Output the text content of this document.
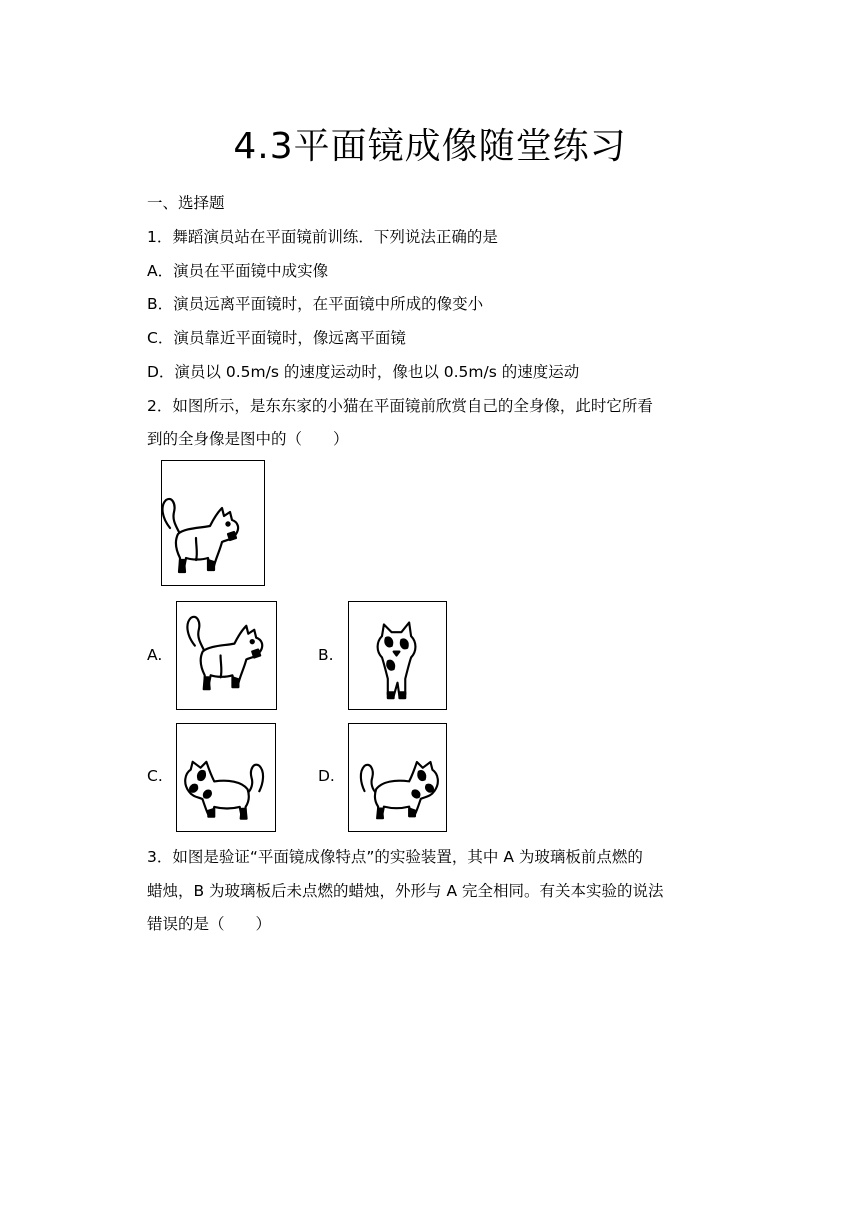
4.3平面镜成像随堂练习
一、选择题
1．舞蹈演员站在平面镜前训练．下列说法正确的是
A．演员在平面镜中成实像
B．演员远离平面镜时，在平面镜中所成的像变小
C．演员靠近平面镜时，像远离平面镜
D．演员以 0.5m/s 的速度运动时，像也以 0.5m/s 的速度运动
2．如图所示，是东东家的小猫在平面镜前欣赏自己的全身像，此时它所看
到的全身像是图中的（　　）
A.	B.
C.	D.
3．如图是验证“平面镜成像特点”的实验装置，其中 A 为玻璃板前点燃的
蜡烛，B 为玻璃板后未点燃的蜡烛，外形与 A 完全相同。有关本实验的说法
错误的是（　　）
